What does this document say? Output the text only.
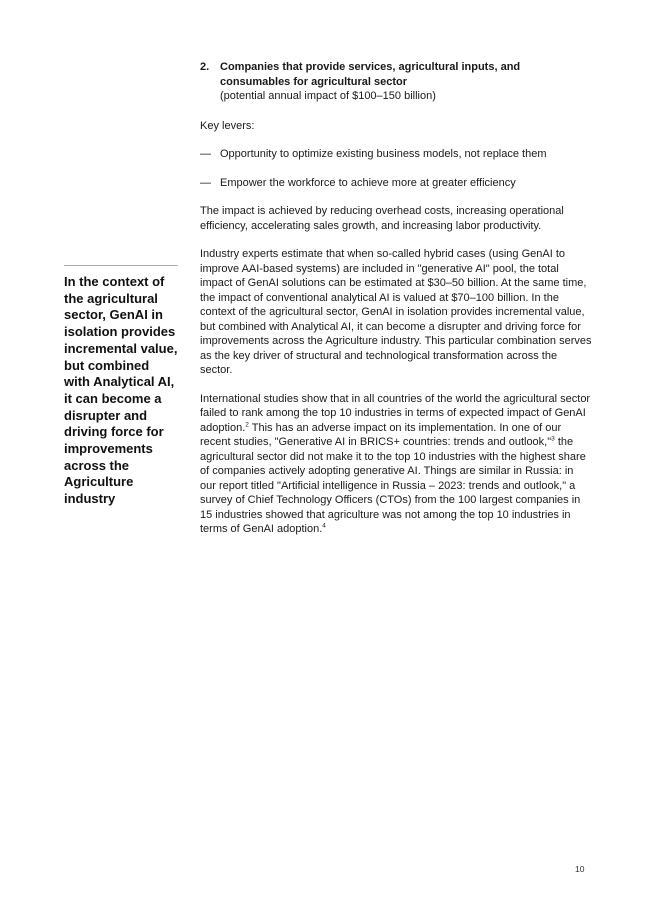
In the context of the agricultural sector, GenAI in isolation provides incremental value, but combined with Analytical AI, it can become a disrupter and driving force for improvements across the Agriculture industry
2. Companies that provide services, agricultural inputs, and consumables for agricultural sector
(potential annual impact of $100–150 billion)

Key levers:

— Opportunity to optimize existing business models, not replace them
— Empower the workforce to achieve more at greater efficiency

The impact is achieved by reducing overhead costs, increasing operational efficiency, accelerating sales growth, and increasing labor productivity.

Industry experts estimate that when so-called hybrid cases (using GenAI to improve AAI-based systems) are included in "generative AI" pool, the total impact of GenAI solutions can be estimated at $30–50 billion. At the same time, the impact of conventional analytical AI is valued at $70–100 billion. In the context of the agricultural sector, GenAI in isolation provides incremental value, but combined with Analytical AI, it can become a disrupter and driving force for improvements across the Agriculture industry. This particular combination serves as the key driver of structural and technological transformation across the sector.

International studies show that in all countries of the world the agricultural sector failed to rank among the top 10 industries in terms of expected impact of GenAI adoption.$^2$ This has an adverse impact on its implementation. In one of our recent studies, "Generative AI in BRICS+ countries: trends and outlook,"$^3$ the agricultural sector did not make it to the top 10 industries with the highest share of companies actively adopting generative AI. Things are similar in Russia: in our report titled "Artificial intelligence in Russia – 2023: trends and outlook," a survey of Chief Technology Officers (CTOs) from the 100 largest companies in 15 industries showed that agriculture was not among the top 10 industries in terms of GenAI adoption.$^4$

10
